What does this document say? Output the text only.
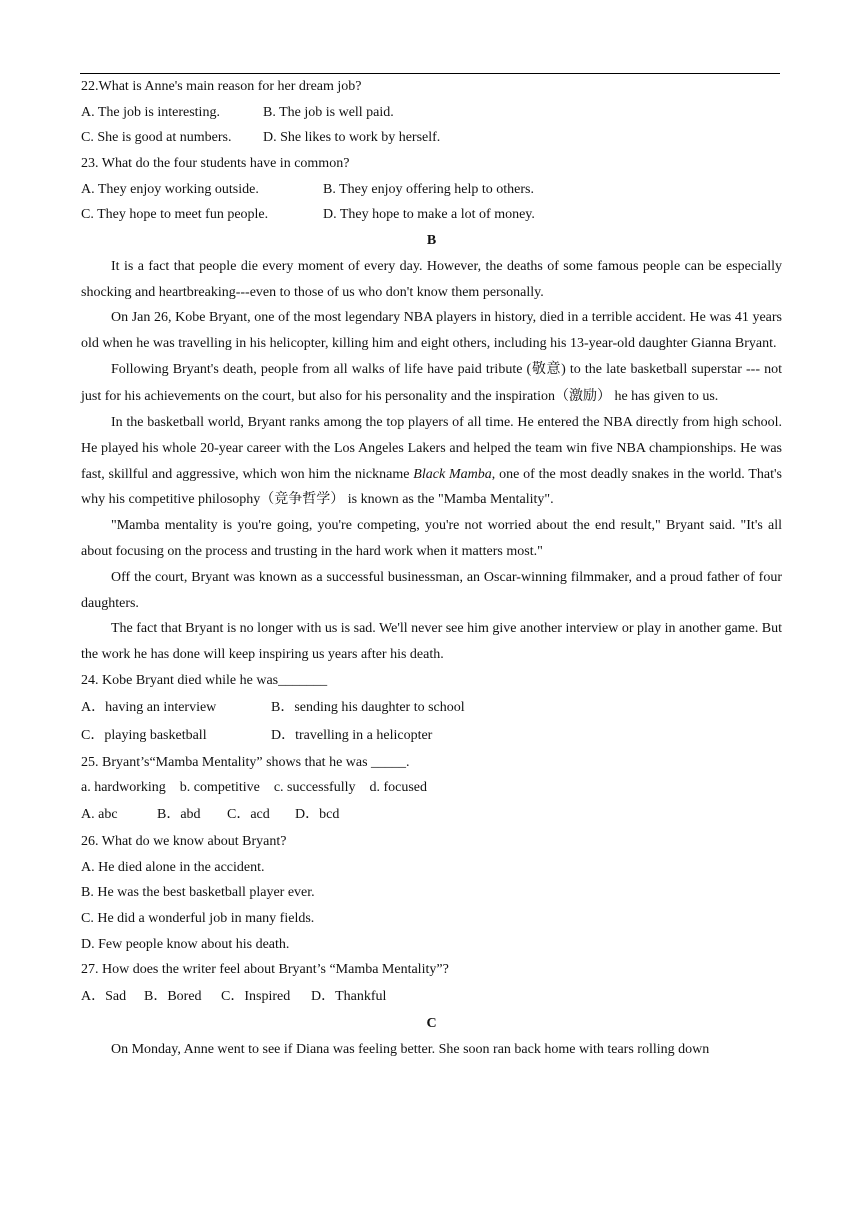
22.What is Anne's main reason for her dream job?
A. The job is interesting.	B. The job is well paid.
C. She is good at numbers. D. She likes to work by herself.
23. What do the four students have in common?
A. They enjoy working outside.	B. They enjoy offering help to others.
C. They hope to meet fun people.	D. They hope to make a lot of money.
B

It is a fact that people die every moment of every day. However, the deaths of some famous people can be especially shocking and heartbreaking---even to those of us who don't know them personally.

On Jan 26, Kobe Bryant, one of the most legendary NBA players in history, died in a terrible accident. He was 41 years old when he was travelling in his helicopter, killing him and eight others, including his 13-year-old daughter Gianna Bryant.

Following Bryant's death, people from all walks of life have paid tribute (敬意) to the late basketball superstar --- not just for his achievements on the court, but also for his personality and the inspiration（激励） he has given to us.

In the basketball world, Bryant ranks among the top players of all time. He entered the NBA directly from high school. He played his whole 20-year career with the Los Angeles Lakers and helped the team win five NBA championships. He was fast, skillful and aggressive, which won him the nickname Black Mamba, one of the most deadly snakes in the world. That's why his competitive philosophy（竞争哲学） is known as the "Mamba Mentality".

"Mamba mentality is you're going, you're competing, you're not worried about the end result," Bryant said. "It's all about focusing on the process and trusting in the hard work when it matters most."

Off the court, Bryant was known as a successful businessman, an Oscar-winning filmmaker, and a proud father of four daughters.

The fact that Bryant is no longer with us is sad. We'll never see him give another interview or play in another game. But the work he has done will keep inspiring us years after his death.

24. Kobe Bryant died while he was_______
A．having an interview	B．sending his daughter to school
C．playing basketball	D．travelling in a helicopter
25. Bryant’s“Mamba Mentality” shows that he was _____.
a. hardworking    b. competitive    c. successfully    d. focused
A. abc	B．abd C．acd D．bcd
26. What do we know about Bryant?
A. He died alone in the accident.
B. He was the best basketball player ever.
C. He did a wonderful job in many fields.
D. Few people know about his death.
27. How does the writer feel about Bryant’s “Mamba Mentality”?
A．Sad B．Bored C．Inspired D．Thankful
C

On Monday, Anne went to see if Diana was feeling better. She soon ran back home with tears rolling down
